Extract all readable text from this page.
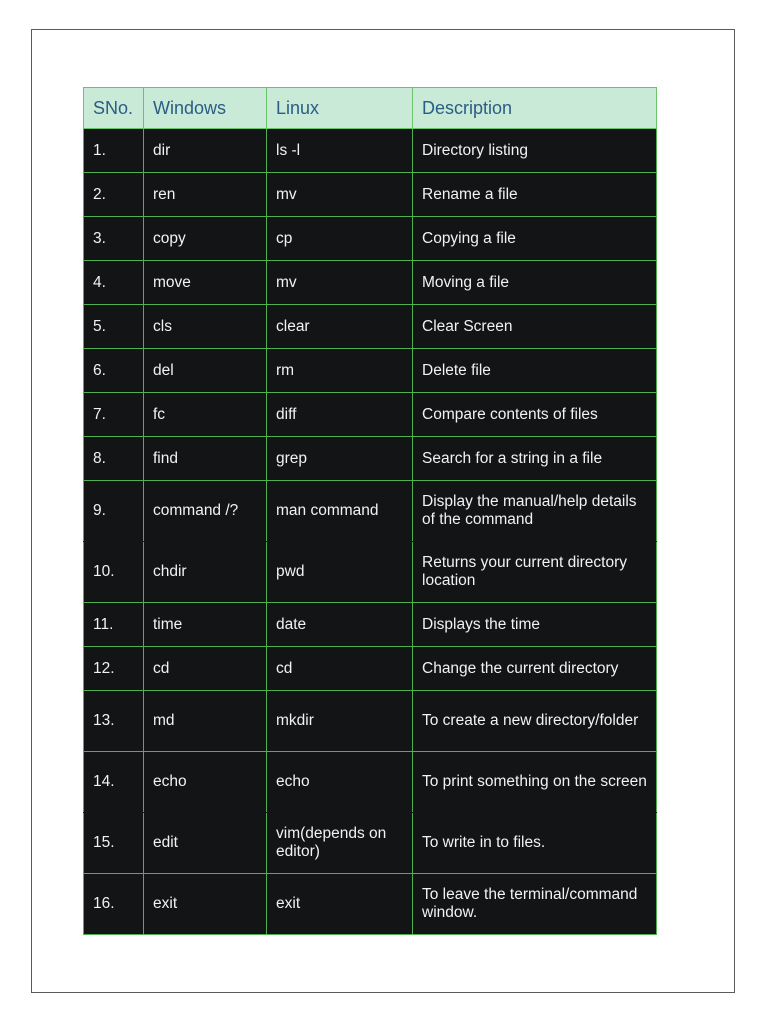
SNo.	Windows	Linux	Description
1.	dir	ls -l	Directory listing
2.	ren	mv	Rename a file
3.	copy	cp	Copying a file
4.	move	mv	Moving a file
5.	cls	clear	Clear Screen
6.	del	rm	Delete file
7.	fc	diff	Compare contents of files
8.	find	grep	Search for a string in a file
9.	command /?	man command	Display the manual/help details of the command
10.	chdir	pwd	Returns your current directory location
11.	time	date	Displays the time
12.	cd	cd	Change the current directory
13.	md	mkdir	To create a new directory/folder
14.	echo	echo	To print something on the screen
15.	edit	vim(depends on editor)	To write in to files.
16.	exit	exit	To leave the terminal/command window.
